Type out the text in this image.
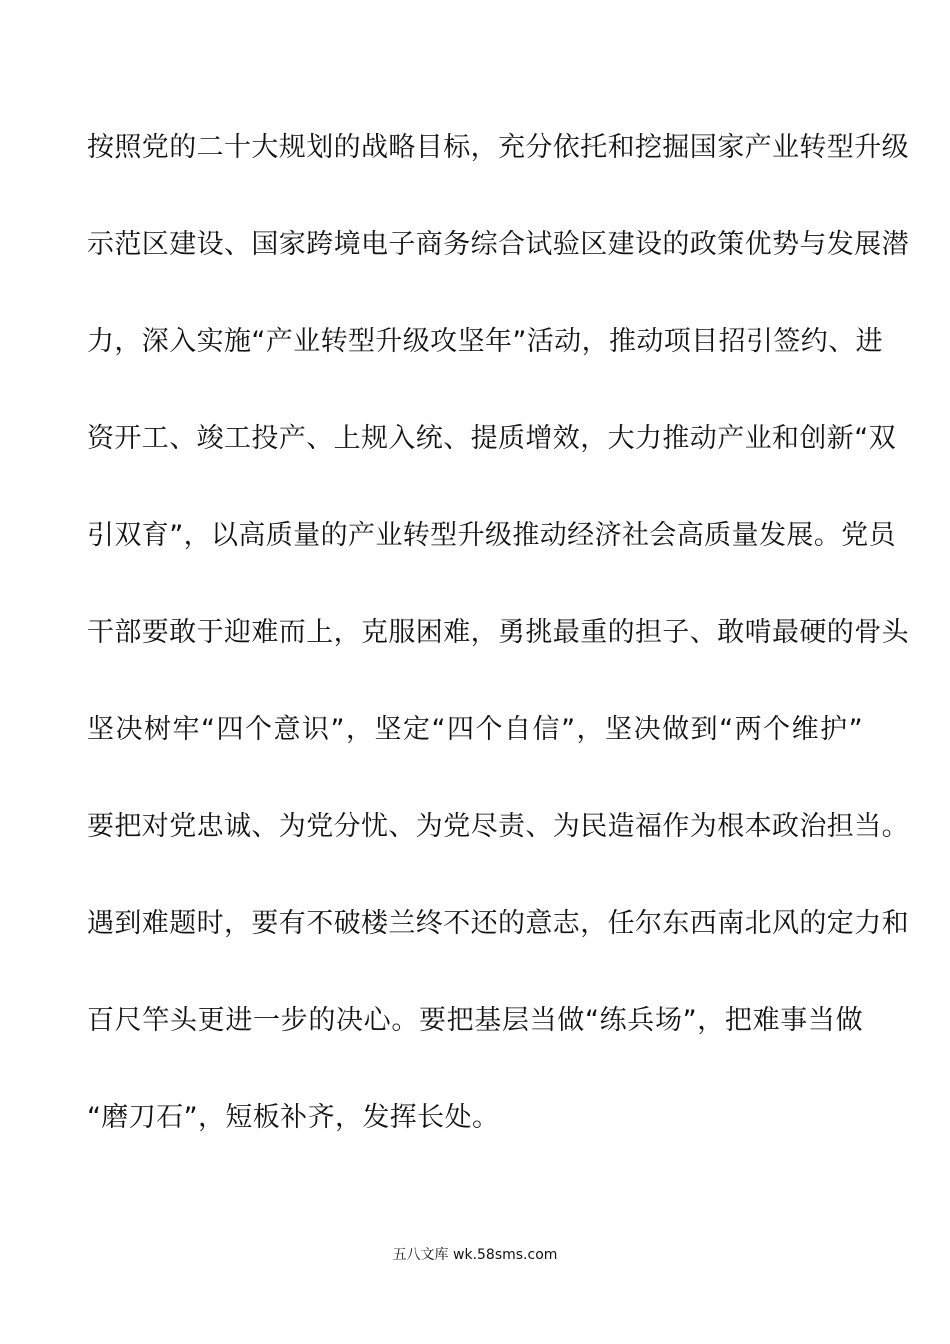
按照党的二十大规划的战略目标，充分依托和挖掘国家产业转型升级
示范区建设、国家跨境电子商务综合试验区建设的政策优势与发展潜
力，深入实施“产业转型升级攻坚年”活动，推动项目招引签约、进
资开工、竣工投产、上规入统、提质增效，大力推动产业和创新“双
引双育”，以高质量的产业转型升级推动经济社会高质量发展。党员
干部要敢于迎难而上，克服困难，勇挑最重的担子、敢啃最硬的骨头
坚决树牢“四个意识”，坚定“四个自信”，坚决做到“两个维护”
要把对党忠诚、为党分忧、为党尽责、为民造福作为根本政治担当。
遇到难题时，要有不破楼兰终不还的意志，任尔东西南北风的定力和
百尺竿头更进一步的决心。要把基层当做“练兵场”，把难事当做
“磨刀石”，短板补齐，发挥长处。
五八文库 wk.58sms.com
